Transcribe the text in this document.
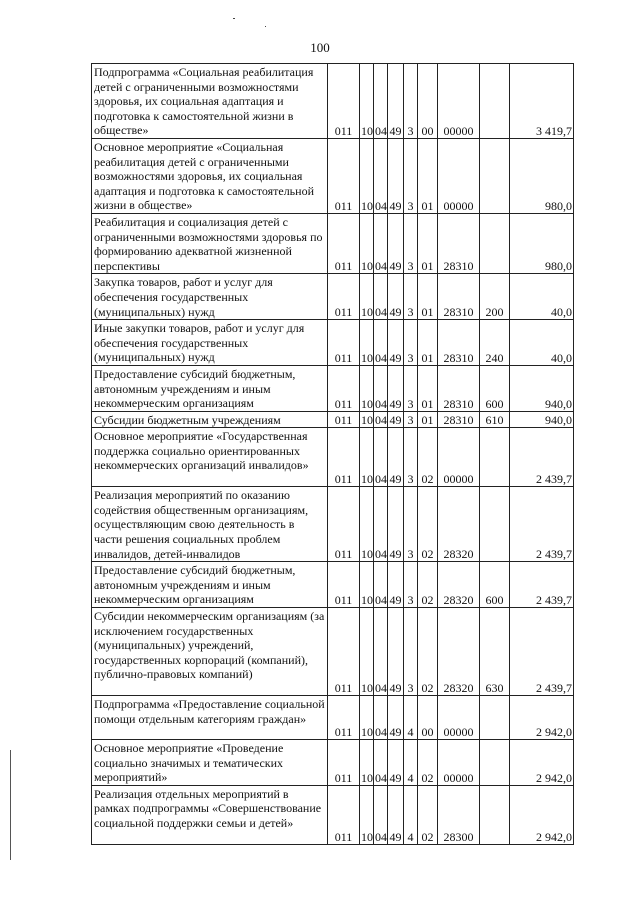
100
Подпрограмма «Социальная реабилитация детей с ограниченными возможностями здоровья, их социальная адаптация и подготовка к самостоятельной жизни в обществе»	011	10	04	49	3	00	00000		3 419,7
Основное мероприятие «Социальная реабилитация детей с ограниченными возможностями здоровья, их социальная адаптация и подготовка к самостоятельной жизни в обществе»	011	10	04	49	3	01	00000		980,0
Реабилитация и социализация детей с ограниченными возможностями здоровья по формированию адекватной жизненной перспективы	011	10	04	49	3	01	28310		980,0
Закупка товаров, работ и услуг для обеспечения государственных (муниципальных) нужд	011	10	04	49	3	01	28310	200	40,0
Иные закупки товаров, работ и услуг для обеспечения государственных (муниципальных) нужд	011	10	04	49	3	01	28310	240	40,0
Предоставление субсидий бюджетным, автономным учреждениям и иным некоммерческим организациям	011	10	04	49	3	01	28310	600	940,0
Субсидии бюджетным учреждениям	011	10	04	49	3	01	28310	610	940,0
Основное мероприятие «Государственная поддержка социально ориентированных некоммерческих организаций инвалидов»	011	10	04	49	3	02	00000		2 439,7
Реализация мероприятий по оказанию содействия общественным организациям, осуществляющим свою деятельность в части решения социальных проблем инвалидов, детей-инвалидов	011	10	04	49	3	02	28320		2 439,7
Предоставление субсидий бюджетным, автономным учреждениям и иным некоммерческим организациям	011	10	04	49	3	02	28320	600	2 439,7
Субсидии некоммерческим организациям (за исключением государственных (муниципальных) учреждений, государственных корпораций (компаний), публично-правовых компаний)	011	10	04	49	3	02	28320	630	2 439,7
Подпрограмма «Предоставление социальной помощи отдельным категориям граждан»	011	10	04	49	4	00	00000		2 942,0
Основное мероприятие «Проведение социально значимых и тематических мероприятий»	011	10	04	49	4	02	00000		2 942,0
Реализация отдельных мероприятий в рамках подпрограммы «Совершенствование социальной поддержки семьи и детей»	011	10	04	49	4	02	28300		2 942,0
